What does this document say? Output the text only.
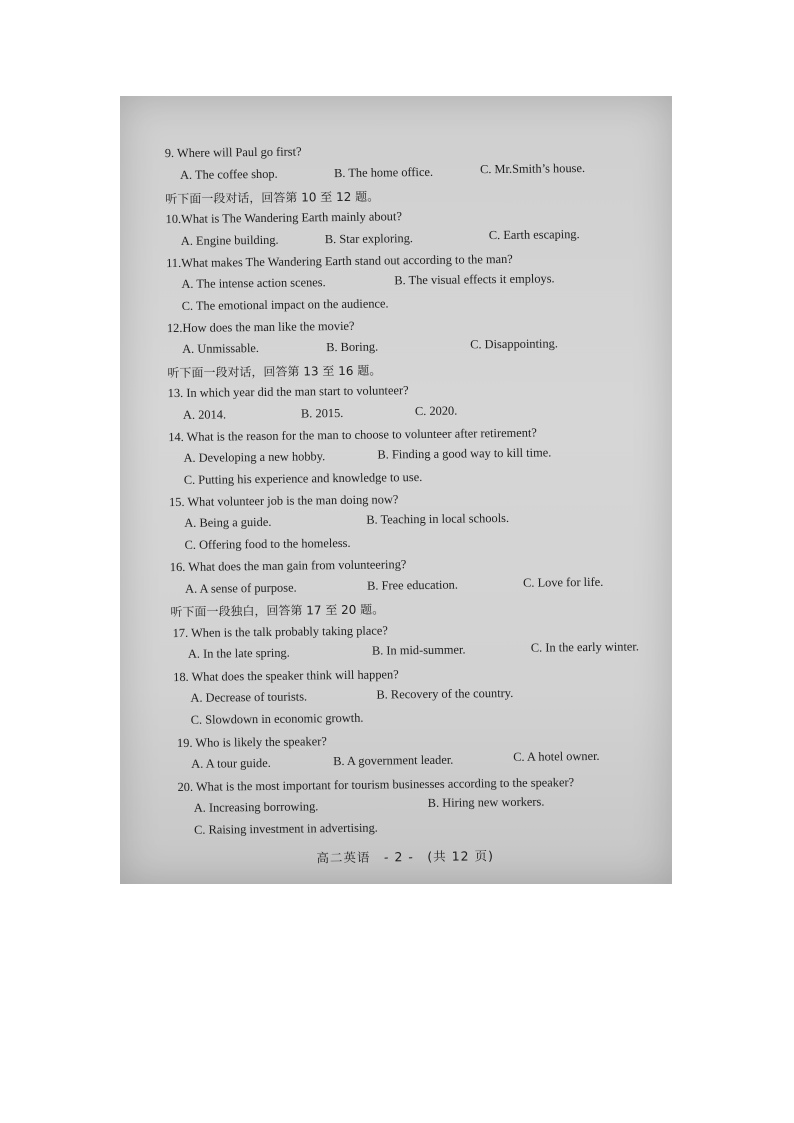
9. Where will Paul go first?
A. The coffee shop.	B. The home office.	C. Mr.Smith’s house.
听下面一段对话，回答第 10 至 12 题。
10.What is The Wandering Earth mainly about?
A. Engine building.	B. Star exploring.	C. Earth escaping.
11.What makes The Wandering Earth stand out according to the man?
A. The intense action scenes.	B. The visual effects it employs.
C. The emotional impact on the audience.
12.How does the man like the movie?
A. Unmissable.	B. Boring.	C. Disappointing.
听下面一段对话，回答第 13 至 16 题。
13. In which year did the man start to volunteer?
A. 2014.	B. 2015.	C. 2020.
14. What is the reason for the man to choose to volunteer after retirement?
A. Developing a new hobby.	B. Finding a good way to kill time.
C. Putting his experience and knowledge to use.
15. What volunteer job is the man doing now?
A. Being a guide.	B. Teaching in local schools.
C. Offering food to the homeless.
16. What does the man gain from volunteering?
A. A sense of purpose.	B. Free education.	C. Love for life.
听下面一段独白，回答第 17 至 20 题。
17. When is the talk probably taking place?
A. In the late spring.	B. In mid-summer.	C. In the early winter.
18. What does the speaker think will happen?
A. Decrease of tourists.	B. Recovery of the country.
C. Slowdown in economic growth.
19. Who is likely the speaker?
A. A tour guide.	B. A government leader.	C. A hotel owner.
20. What is the most important for tourism businesses according to the speaker?
A. Increasing borrowing.	B. Hiring new workers.
C. Raising investment in advertising.
高二英语　- 2 -　(共 12 页)
